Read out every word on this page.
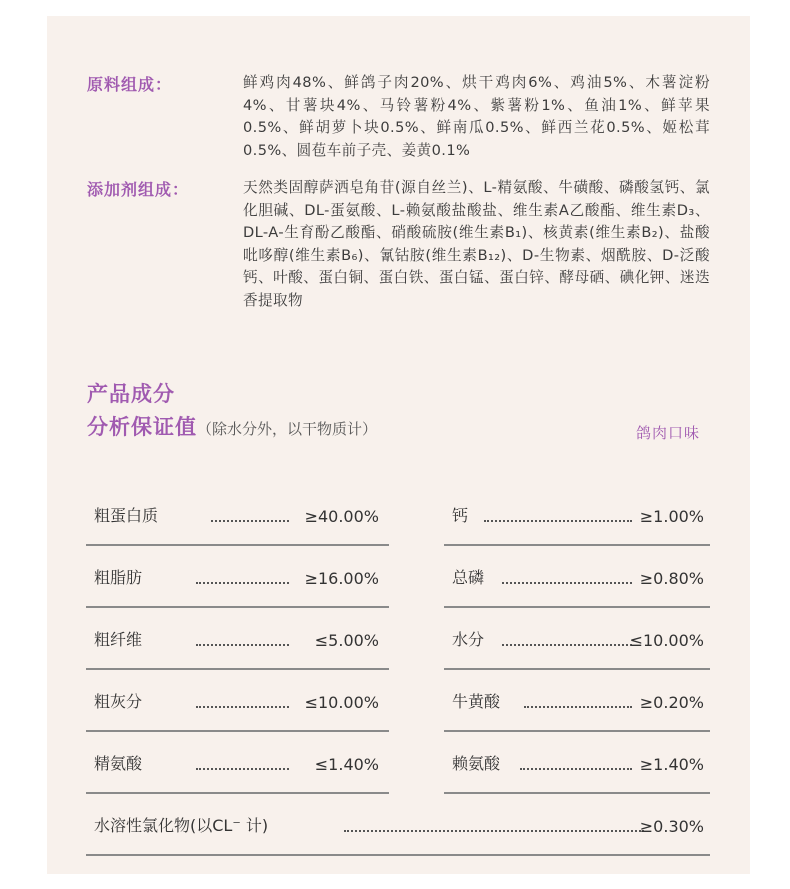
原料组成：	鲜鸡肉48%、鲜鸽子肉20%、烘干鸡肉6%、鸡油5%、木薯淀粉4%、甘薯块4%、马铃薯粉4%、紫薯粉1%、鱼油1%、鲜苹果0.5%、鲜胡萝卜块0.5%、鲜南瓜0.5%、鲜西兰花0.5%、姬松茸0.5%、圆苞车前子壳、姜黄0.1%
添加剂组成：	天然类固醇萨洒皂角苷(源自丝兰)、L-精氨酸、牛磺酸、磷酸氢钙、氯化胆碱、DL-蛋氨酸、L-赖氨酸盐酸盐、维生素A乙酸酯、维生素D₃、DL-A-生育酚乙酸酯、硝酸硫胺(维生素B₁)、核黄素(维生素B₂)、盐酸吡哆醇(维生素B₆)、氰钴胺(维生素B₁₂)、D-生物素、烟酰胺、D-泛酸钙、叶酸、蛋白铜、蛋白铁、蛋白锰、蛋白锌、酵母硒、碘化钾、迷迭香提取物
产品成分
分析保证值（除水分外，以干物质计）	鸽肉口味
粗蛋白质	≥40.00%	钙	≥1.00%
粗脂肪	≥16.00%	总磷	≥0.80%
粗纤维	≤5.00%	水分	≤10.00%
粗灰分	≤10.00%	牛黄酸	≥0.20%
精氨酸	≤1.40%	赖氨酸	≥1.40%
水溶性氯化物(以CL⁻ 计)	≥0.30%
